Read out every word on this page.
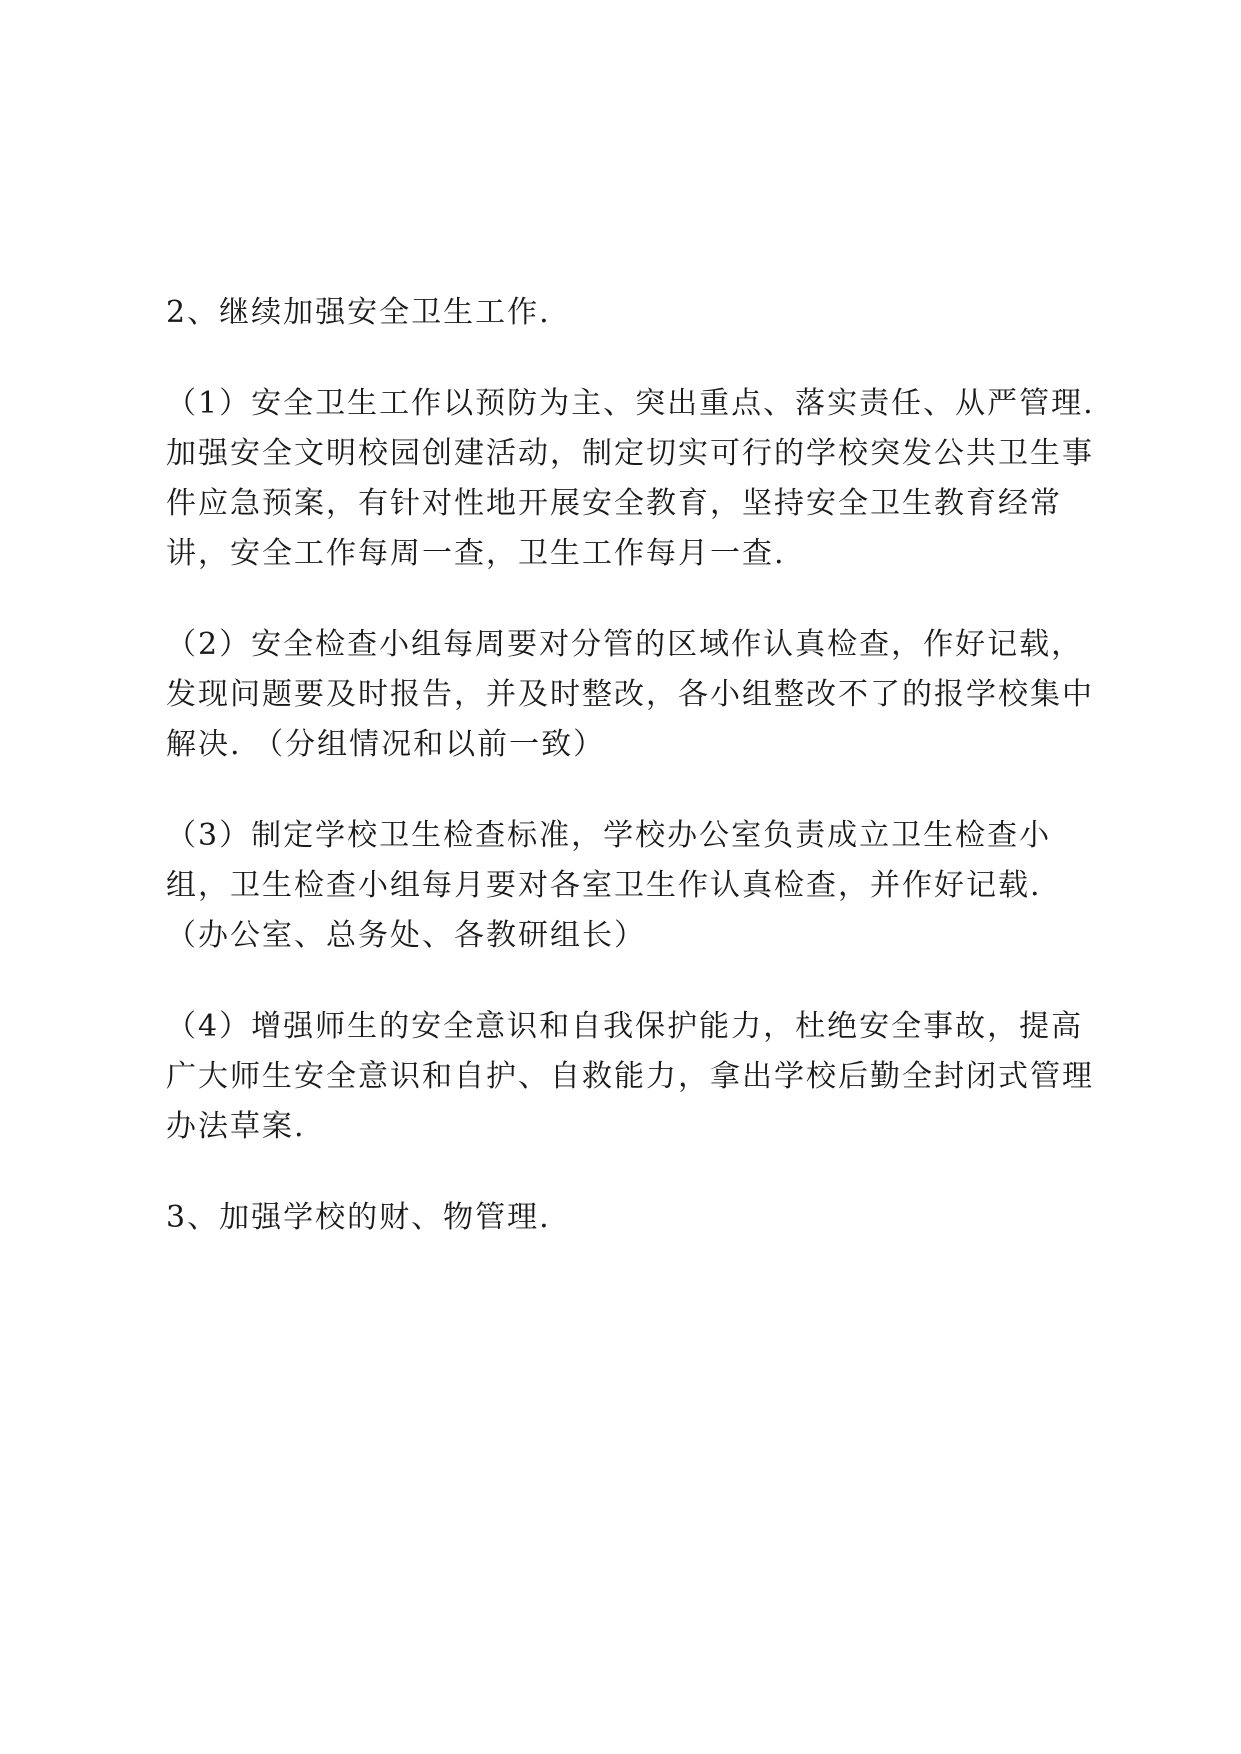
2、继续加强安全卫生工作.

（1）安全卫生工作以预防为主、突出重点、落实责任、从严管理. 加强安全文明校园创建活动，制定切实可行的学校突发公共卫生事件应急预案，有针对性地开展安全教育，坚持安全卫生教育经常讲，安全工作每周一查，卫生工作每月一查.

（2）安全检查小组每周要对分管的区域作认真检查，作好记载，发现问题要及时报告，并及时整改，各小组整改不了的报学校集中解决. （分组情况和以前一致）

（3）制定学校卫生检查标准，学校办公室负责成立卫生检查小组，卫生检查小组每月要对各室卫生作认真检查，并作好记载. （办公室、总务处、各教研组长）

（4）增强师生的安全意识和自我保护能力，杜绝安全事故，提高广大师生安全意识和自护、自救能力，拿出学校后勤全封闭式管理办法草案.

3、加强学校的财、物管理.
